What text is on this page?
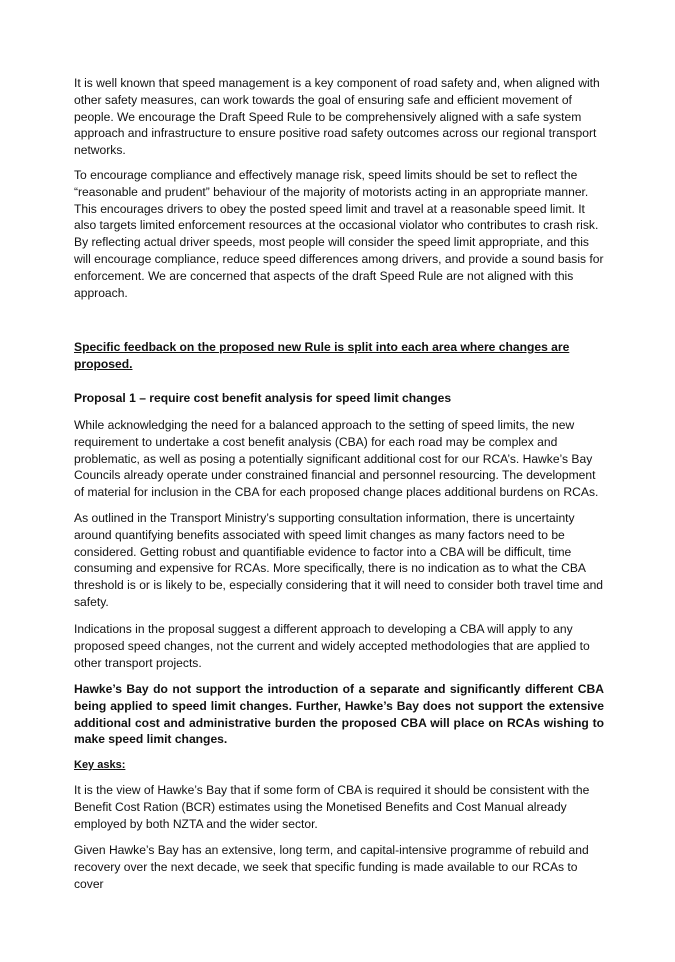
It is well known that speed management is a key component of road safety and, when aligned with other safety measures, can work towards the goal of ensuring safe and efficient movement of people. We encourage the Draft Speed Rule to be comprehensively aligned with a safe system approach and infrastructure to ensure positive road safety outcomes across our regional transport networks.

To encourage compliance and effectively manage risk, speed limits should be set to reflect the “reasonable and prudent” behaviour of the majority of motorists acting in an appropriate manner. This encourages drivers to obey the posted speed limit and travel at a reasonable speed limit. It also targets limited enforcement resources at the occasional violator who contributes to crash risk. By reflecting actual driver speeds, most people will consider the speed limit appropriate, and this will encourage compliance, reduce speed differences among drivers, and provide a sound basis for enforcement. We are concerned that aspects of the draft Speed Rule are not aligned with this approach.

Specific feedback on the proposed new Rule is split into each area where changes are proposed.

Proposal 1 – require cost benefit analysis for speed limit changes

While acknowledging the need for a balanced approach to the setting of speed limits, the new requirement to undertake a cost benefit analysis (CBA) for each road may be complex and problematic, as well as posing a potentially significant additional cost for our RCA’s. Hawke’s Bay Councils already operate under constrained financial and personnel resourcing. The development of material for inclusion in the CBA for each proposed change places additional burdens on RCAs.

As outlined in the Transport Ministry’s supporting consultation information, there is uncertainty around quantifying benefits associated with speed limit changes as many factors need to be considered. Getting robust and quantifiable evidence to factor into a CBA will be difficult, time consuming and expensive for RCAs. More specifically, there is no indication as to what the CBA threshold is or is likely to be, especially considering that it will need to consider both travel time and safety.

Indications in the proposal suggest a different approach to developing a CBA will apply to any proposed speed changes, not the current and widely accepted methodologies that are applied to other transport projects.

Hawke’s Bay do not support the introduction of a separate and significantly different CBA being applied to speed limit changes. Further, Hawke’s Bay does not support the extensive additional cost and administrative burden the proposed CBA will place on RCAs wishing to make speed limit changes.

Key asks:

It is the view of Hawke’s Bay that if some form of CBA is required it should be consistent with the Benefit Cost Ration (BCR) estimates using the Monetised Benefits and Cost Manual already employed by both NZTA and the wider sector.

Given Hawke’s Bay has an extensive, long term, and capital-intensive programme of rebuild and recovery over the next decade, we seek that specific funding is made available to our RCAs to cover
